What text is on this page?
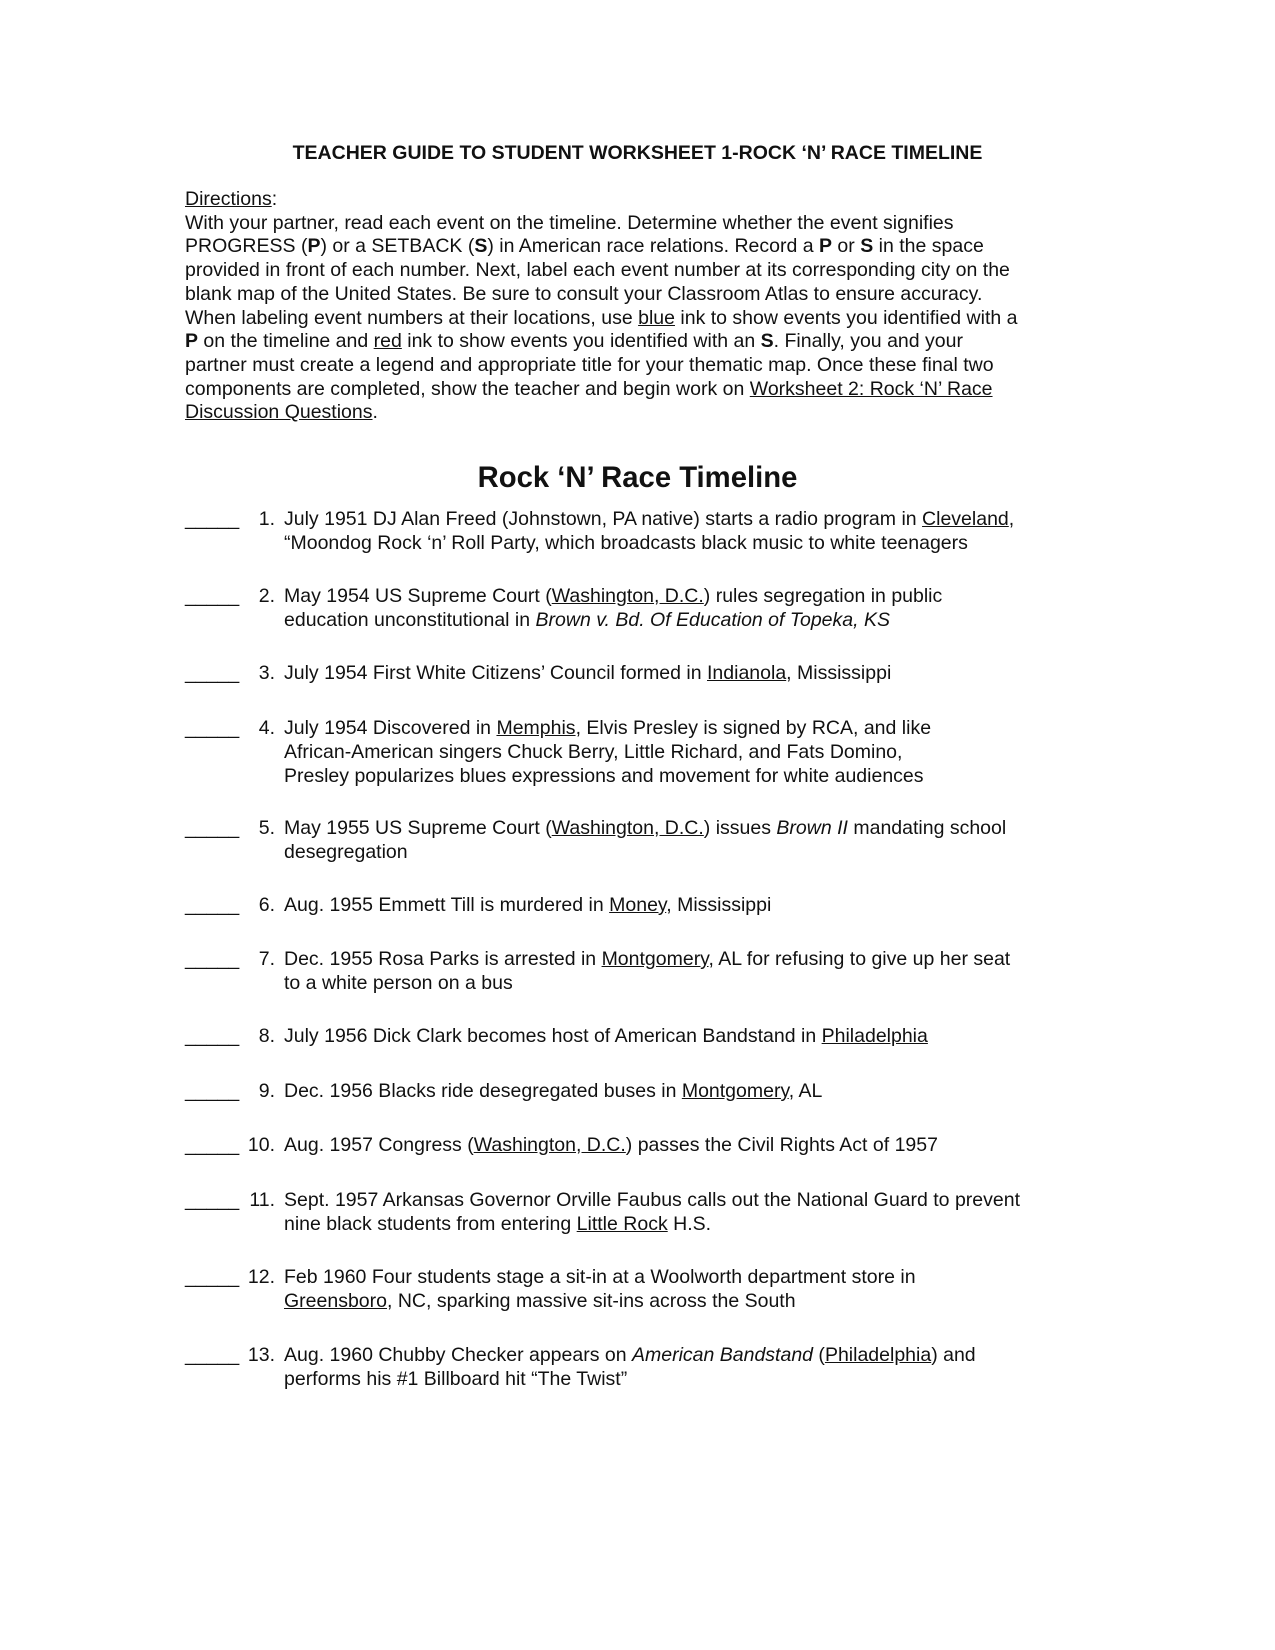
TEACHER GUIDE TO STUDENT WORKSHEET 1-ROCK ‘N’ RACE TIMELINE
Directions:
With your partner, read each event on the timeline. Determine whether the event signifies
PROGRESS (P) or a SETBACK (S) in American race relations. Record a P or S in the space
provided in front of each number. Next, label each event number at its corresponding city on the
blank map of the United States. Be sure to consult your Classroom Atlas to ensure accuracy.
When labeling event numbers at their locations, use blue ink to show events you identified with a
P on the timeline and red ink to show events you identified with an S. Finally, you and your
partner must create a legend and appropriate title for your thematic map. Once these final two
components are completed, show the teacher and begin work on Worksheet 2: Rock ‘N’ Race
Discussion Questions.
Rock ‘N’ Race Timeline
_____ 1. July 1951 DJ Alan Freed (Johnstown, PA native) starts a radio program in Cleveland,
“Moondog Rock ‘n’ Roll Party, which broadcasts black music to white teenagers
_____ 2. May 1954 US Supreme Court (Washington, D.C.) rules segregation in public
education unconstitutional in Brown v. Bd. Of Education of Topeka, KS
_____ 3. July 1954 First White Citizens’ Council formed in Indianola, Mississippi
_____ 4. July 1954 Discovered in Memphis, Elvis Presley is signed by RCA, and like
African-American singers Chuck Berry, Little Richard, and Fats Domino,
Presley popularizes blues expressions and movement for white audiences
_____ 5. May 1955 US Supreme Court (Washington, D.C.) issues Brown II mandating school
desegregation
_____ 6. Aug. 1955 Emmett Till is murdered in Money, Mississippi
_____ 7. Dec. 1955 Rosa Parks is arrested in Montgomery, AL for refusing to give up her seat
to a white person on a bus
_____ 8. July 1956 Dick Clark becomes host of American Bandstand in Philadelphia
_____ 9. Dec. 1956 Blacks ride desegregated buses in Montgomery, AL
_____ 10. Aug. 1957 Congress (Washington, D.C.) passes the Civil Rights Act of 1957
_____ 11. Sept. 1957 Arkansas Governor Orville Faubus calls out the National Guard to prevent
nine black students from entering Little Rock H.S.
_____ 12. Feb 1960 Four students stage a sit-in at a Woolworth department store in
Greensboro, NC, sparking massive sit-ins across the South
_____ 13. Aug. 1960 Chubby Checker appears on American Bandstand (Philadelphia) and
performs his #1 Billboard hit “The Twist”
